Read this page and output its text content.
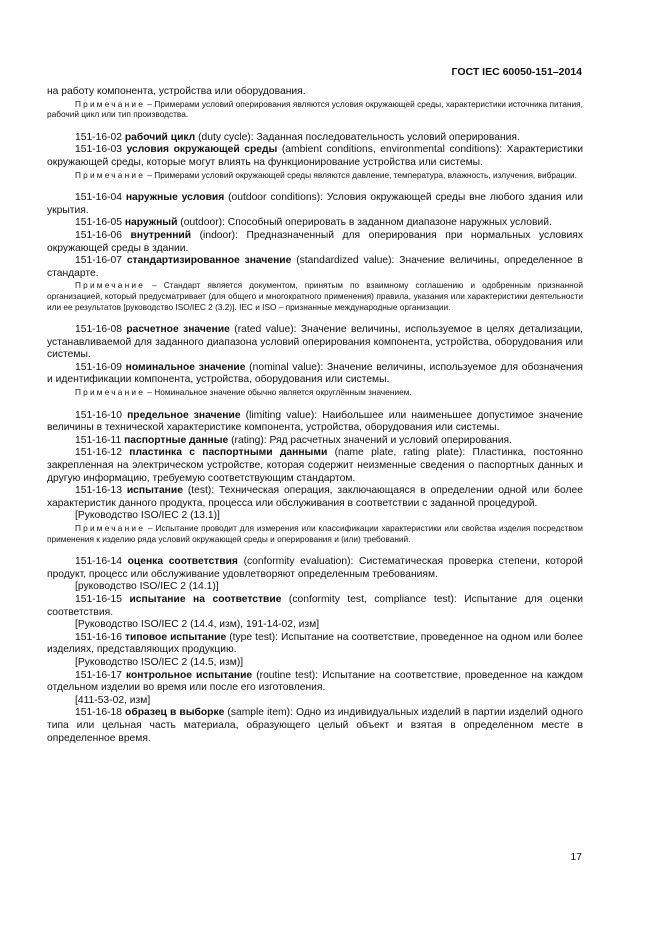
ГОСТ IEC 60050-151–2014

на работу компонента, устройства или оборудования.

Примечание – Примерами условий оперирования являются условия окружающей среды, характеристики источника питания, рабочий цикл или тип производства.

151-16-02 рабочий цикл (duty cycle): Заданная последовательность условий оперирования.

151-16-03 условия окружающей среды (ambient conditions, environmental conditions): Характеристики окружающей среды, которые могут влиять на функционирование устройства или системы.

Примечание – Примерами условий окружающей среды являются давление, температура, влажность, излучения, вибрации.

151-16-04 наружные условия (outdoor conditions): Условия окружающей среды вне любого здания или укрытия.

151-16-05 наружный (outdoor): Способный оперировать в заданном диапазоне наружных условий.

151-16-06 внутренний (indoor): Предназначенный для оперирования при нормальных условиях окружающей среды в здании.

151-16-07 стандартизированное значение (standardized value): Значение величины, определенное в стандарте.

Примечание – Стандарт является документом, принятым по взаимному соглашению и одобренным признанной организацией, который предусматривает (для общего и многократного применения) правила, указания или характеристики деятельности или ее результатов [руководство ISO/IEC 2 (3.2)]. IEC и ISO – признанные международные организации.

151-16-08 расчетное значение (rated value): Значение величины, используемое в целях детализации, устанавливаемой для заданного диапазона условий оперирования компонента, устройства, оборудования или системы.

151-16-09 номинальное значение (nominal value): Значение величины, используемое для обозначения и идентификации компонента, устройства, оборудования или системы.

Примечание – Номинальное значение обычно является округлённым значением.

151-16-10 предельное значение (limiting value): Наибольшее или наименьшее допустимое значение величины в технической характеристике компонента, устройства, оборудования или системы.

151-16-11 паспортные данные (rating): Ряд расчетных значений и условий оперирования.

151-16-12 пластинка с паспортными данными (name plate, rating plate): Пластинка, постоянно закрепленная на электрическом устройстве, которая содержит неизменные сведения о паспортных данных и другую информацию, требуемую соответствующим стандартом.

151-16-13 испытание (test): Техническая операция, заключающаяся в определении одной или более характеристик данного продукта, процесса или обслуживания в соответствии с заданной процедурой.

[Руководство ISO/IEC 2 (13.1)]

Примечание – Испытание проводит для измерения или классификации характеристики или свойства изделия посредством применения к изделию ряда условий окружающей среды и оперирования и (или) требований.

151-16-14 оценка соответствия (conformity evaluation): Систематическая проверка степени, которой продукт, процесс или обслуживание удовлетворяют определенным требованиям.

[руководство ISO/IEC 2 (14.1)]

151-16-15 испытание на соответствие (conformity test, compliance test): Испытание для оценки соответствия.

[Руководство ISO/IEC 2 (14.4, изм), 191-14-02, изм]

151-16-16 типовое испытание (type test): Испытание на соответствие, проведенное на одном или более изделиях, представляющих продукцию.

[Руководство ISO/IEC 2 (14.5, изм)]

151-16-17 контрольное испытание (routine test): Испытание на соответствие, проведенное на каждом отдельном изделии во время или после его изготовления.

[411-53-02, изм]

151-16-18 образец в выборке (sample item): Одно из индивидуальных изделий в партии изделий одного типа или цельная часть материала, образующего целый объект и взятая в определенном месте в определенное время.

17
